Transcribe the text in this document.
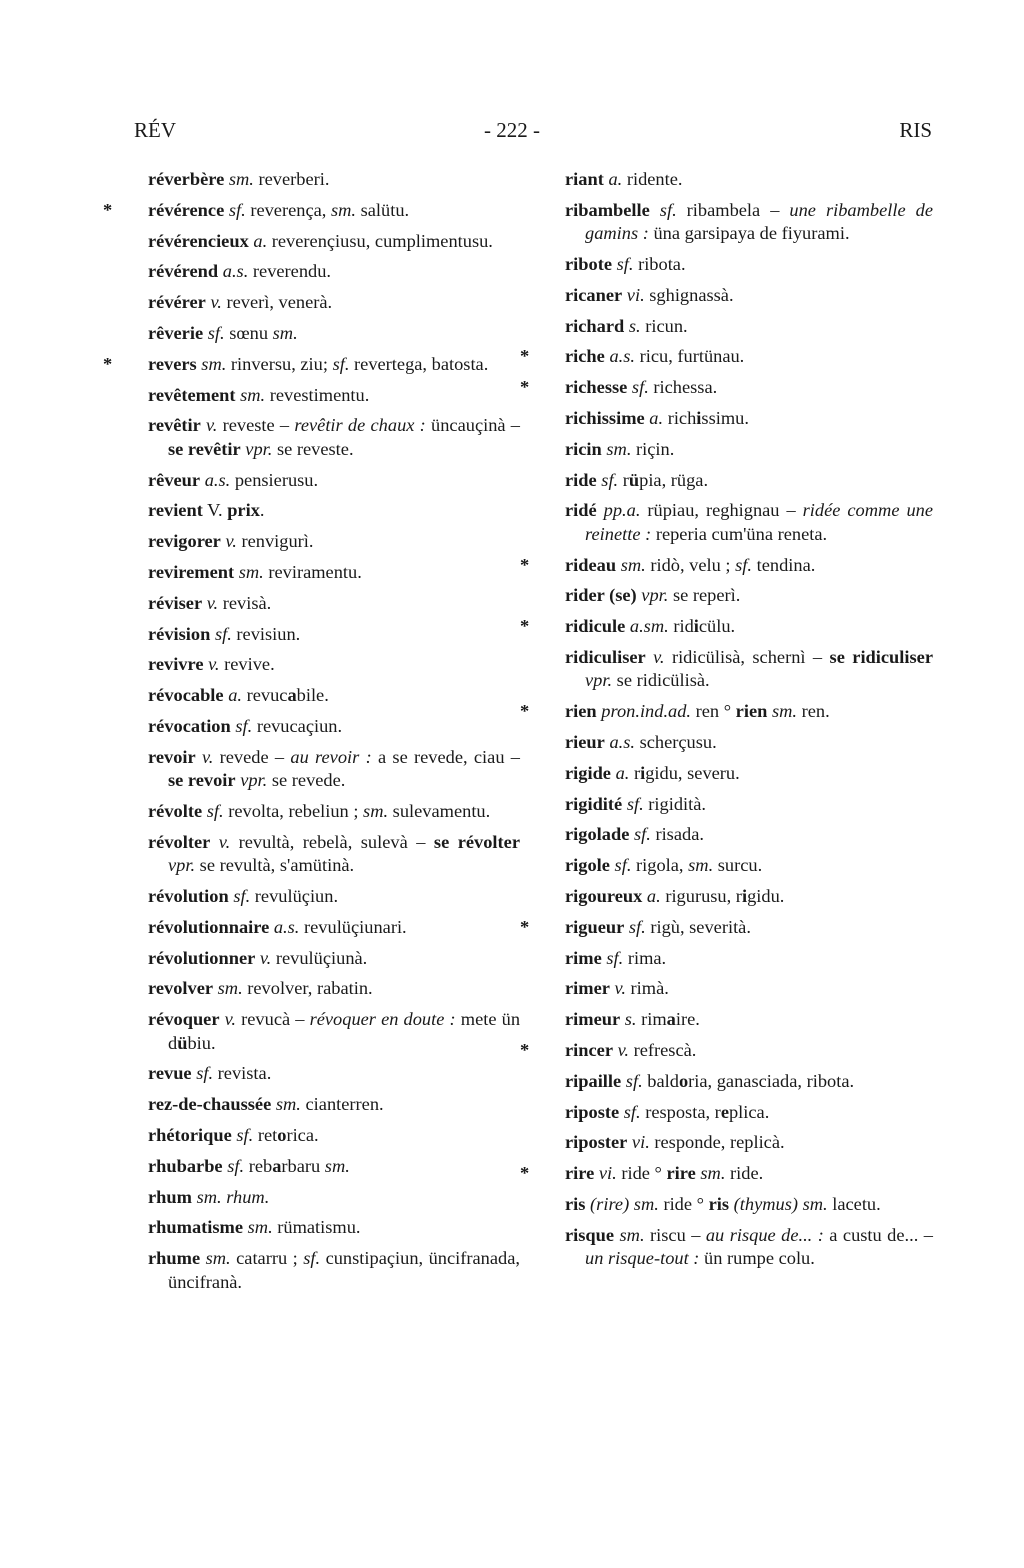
RÉV	- 222 -	RIS
réverbère sm. reverberi.
* révérence sf. reverença, sm. salütu.
révérencieux a. reverençiusu, cumplimentusu.
révérend a.s. reverendu.
révérer v. reverì, venerà.
rêverie sf. sœnu sm.
* revers sm. rinversu, ziu; sf. revertega, batosta.
revêtement sm. revestimentu.
revêtir v. reveste – revêtir de chaux : üncauçinà – se revêtir vpr. se reveste.
rêveur a.s. pensierusu.
revient V. prix.
revigorer v. renvigurì.
revirement sm. reviramentu.
réviser v. revisà.
révision sf. revisiun.
revivre v. revive.
révocable a. revucabile.
révocation sf. revucaçiun.
revoir v. revede – au revoir : a se revede, ciau – se revoir vpr. se revede.
révolte sf. revolta, rebeliun ; sm. sulevamentu.
révolter v. revultà, rebelà, sulevà – se révolter vpr. se revultà, s'amütinà.
révolution sf. revulüçiun.
révolutionnaire a.s. revulüçiunari.
révolutionner v. revulüçiunà.
revolver sm. revolver, rabatin.
révoquer v. revucà – révoquer en doute : mete ün dübiu.
revue sf. revista.
rez-de-chaussée sm. cianterren.
rhétorique sf. retorica.
rhubarbe sf. rebarbaru sm.
rhum sm. rhum.
rhumatisme sm. rümatismu.
rhume sm. catarru ; sf. cunstipaçiun, üncifranada, üncifranà.
riant a. ridente.
ribambelle sf. ribambela – une ribambelle de gamins : üna garsipaya de fiyurami.
ribote sf. ribota.
ricaner vi. sghignassà.
richard s. ricun.
* riche a.s. ricu, furtünau.
* richesse sf. richessa.
richissime a. richissimu.
ricin sm. riçin.
ride sf. rüpia, rüga.
ridé pp.a. rüpiau, reghignau – ridée comme une reinette : reperia cum'üna reneta.
* rideau sm. ridò, velu ; sf. tendina.
rider (se) vpr. se reperì.
* ridicule a.sm. ridicülu.
ridiculiser v. ridicülisà, schernì – se ridiculiser vpr. se ridicülisà.
* rien pron.ind.ad. ren ° rien sm. ren.
rieur a.s. scherçusu.
rigide a. rigidu, severu.
rigidité sf. rigidità.
rigolade sf. risada.
rigole sf. rigola, sm. surcu.
rigoureux a. rigurusu, rigidu.
* rigueur sf. rigù, severità.
rime sf. rima.
rimer v. rimà.
rimeur s. rimaire.
* rincer v. refrescà.
ripaille sf. baldoria, ganasciada, ribota.
riposte sf. resposta, replica.
riposter vi. responde, replicà.
* rire vi. ride ° rire sm. ride.
ris (rire) sm. ride ° ris (thymus) sm. lacetu.
risque sm. riscu – au risque de... : a custu de... – un risque-tout : ün rumpe colu.
